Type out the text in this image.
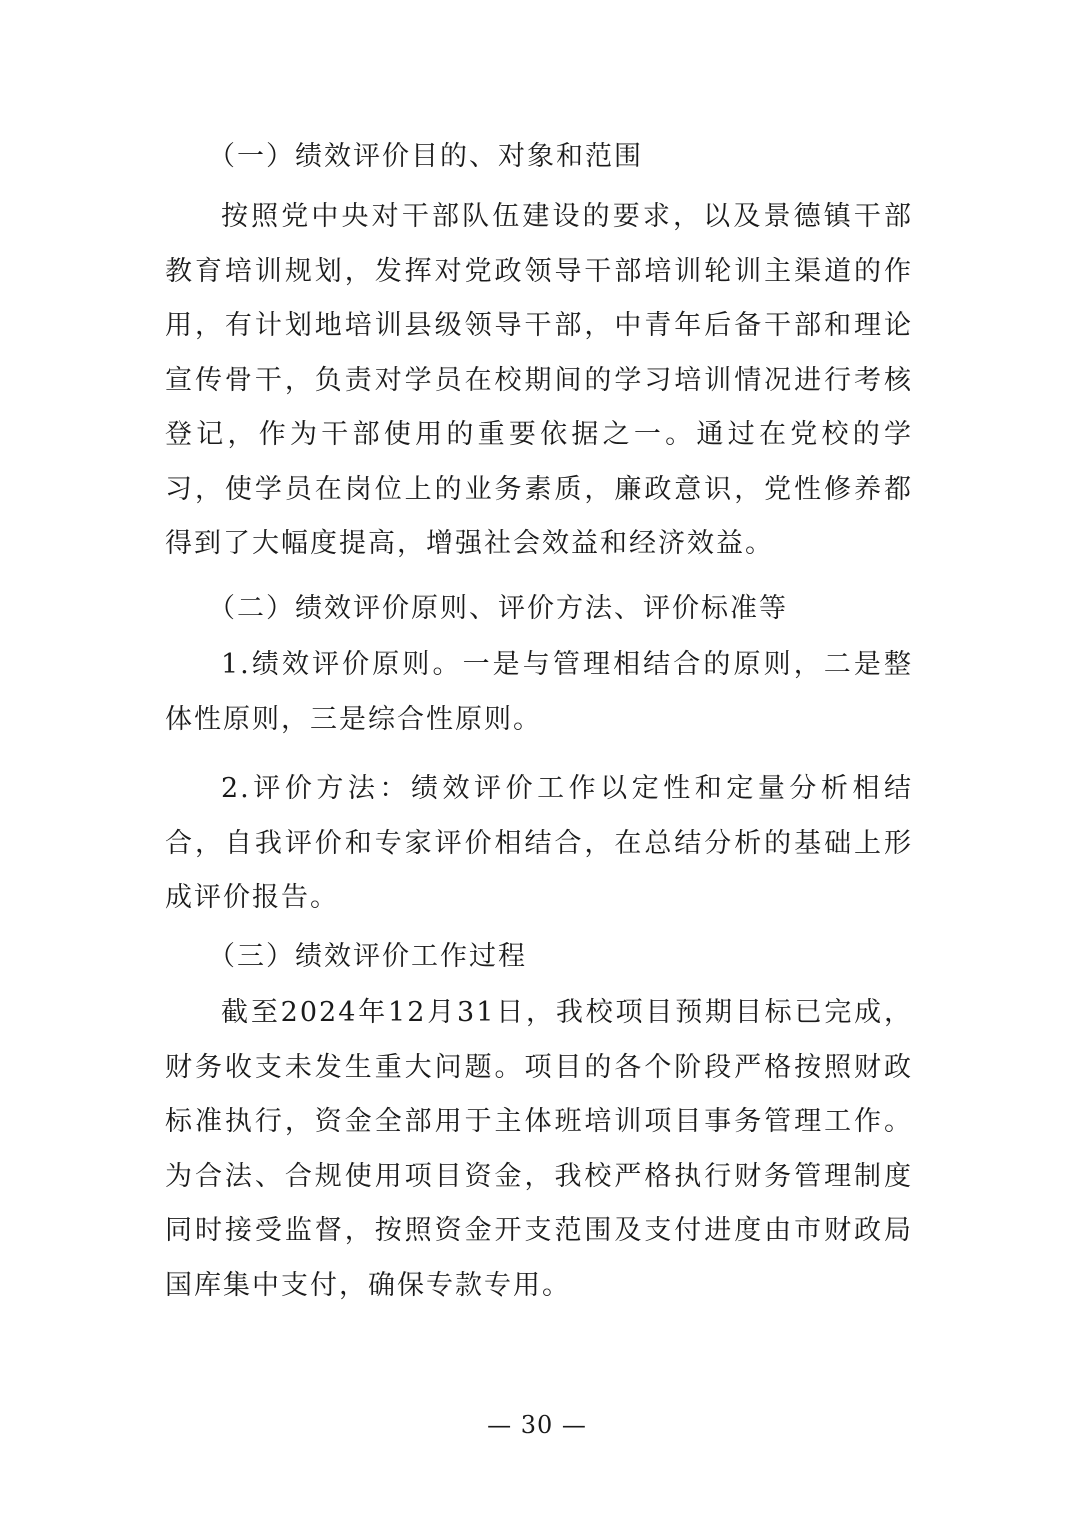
（一）绩效评价目的、对象和范围

按照党中央对干部队伍建设的要求，以及景德镇干部教育培训规划，发挥对党政领导干部培训轮训主渠道的作用，有计划地培训县级领导干部，中青年后备干部和理论宣传骨干，负责对学员在校期间的学习培训情况进行考核登记，作为干部使用的重要依据之一。通过在党校的学习，使学员在岗位上的业务素质，廉政意识，党性修养都得到了大幅度提高，增强社会效益和经济效益。

（二）绩效评价原则、评价方法、评价标准等

1.绩效评价原则。一是与管理相结合的原则，二是整体性原则，三是综合性原则。

2.评价方法：绩效评价工作以定性和定量分析相结合，自我评价和专家评价相结合，在总结分析的基础上形成评价报告。

（三）绩效评价工作过程

截至2024年12月31日，我校项目预期目标已完成，财务收支未发生重大问题。项目的各个阶段严格按照财政标准执行，资金全部用于主体班培训项目事务管理工作。为合法、合规使用项目资金，我校严格执行财务管理制度同时接受监督，按照资金开支范围及支付进度由市财政局国库集中支付，确保专款专用。

— 30 —
